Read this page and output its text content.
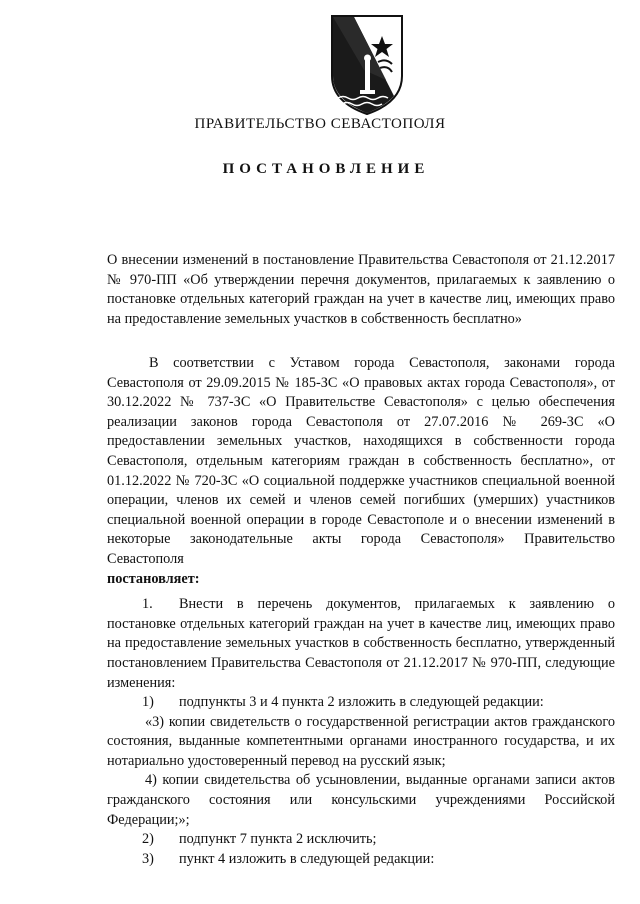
ПРАВИТЕЛЬСТВО СЕВАСТОПОЛЯ
ПОСТАНОВЛЕНИЕ
О внесении изменений в постановление Правительства Севастополя от 21.12.2017 № 970-ПП «Об утверждении перечня документов, прилагаемых к заявлению о постановке отдельных категорий граждан на учет в качестве лиц, имеющих право на предоставление земельных участков в собственность бесплатно»

В соответствии с Уставом города Севастополя, законами города Севастополя от 29.09.2015 № 185-ЗС «О правовых актах города Севастополя», от 30.12.2022 № 737-ЗС «О Правительстве Севастополя» с целью обеспечения реализации законов города Севастополя от 27.07.2016 № 269-ЗС «О предоставлении земельных участков, находящихся в собственности города Севастополя, отдельным категориям граждан в собственность бесплатно», от 01.12.2022 № 720-ЗС «О социальной поддержке участников специальной военной операции, членов их семей и членов семей погибших (умерших) участников специальной военной операции в городе Севастополе и о внесении изменений в некоторые законодательные акты города Севастополя» Правительство Севастополя
постановляет:

1.	Внести в перечень документов, прилагаемых к заявлению о постановке отдельных категорий граждан на учет в качестве лиц, имеющих право на предоставление земельных участков в собственность бесплатно, утвержденный постановлением Правительства Севастополя от 21.12.2017 № 970-ПП, следующие изменения:

1)	подпункты 3 и 4 пункта 2 изложить в следующей редакции:

«3) копии свидетельств о государственной регистрации актов гражданского состояния, выданные компетентными органами иностранного государства, и их нотариально удостоверенный перевод на русский язык;

4) копии свидетельства об усыновлении, выданные органами записи актов гражданского состояния или консульскими учреждениями Российской Федерации;»;

2)	подпункт 7 пункта 2 исключить;
3)	пункт 4 изложить в следующей редакции:
